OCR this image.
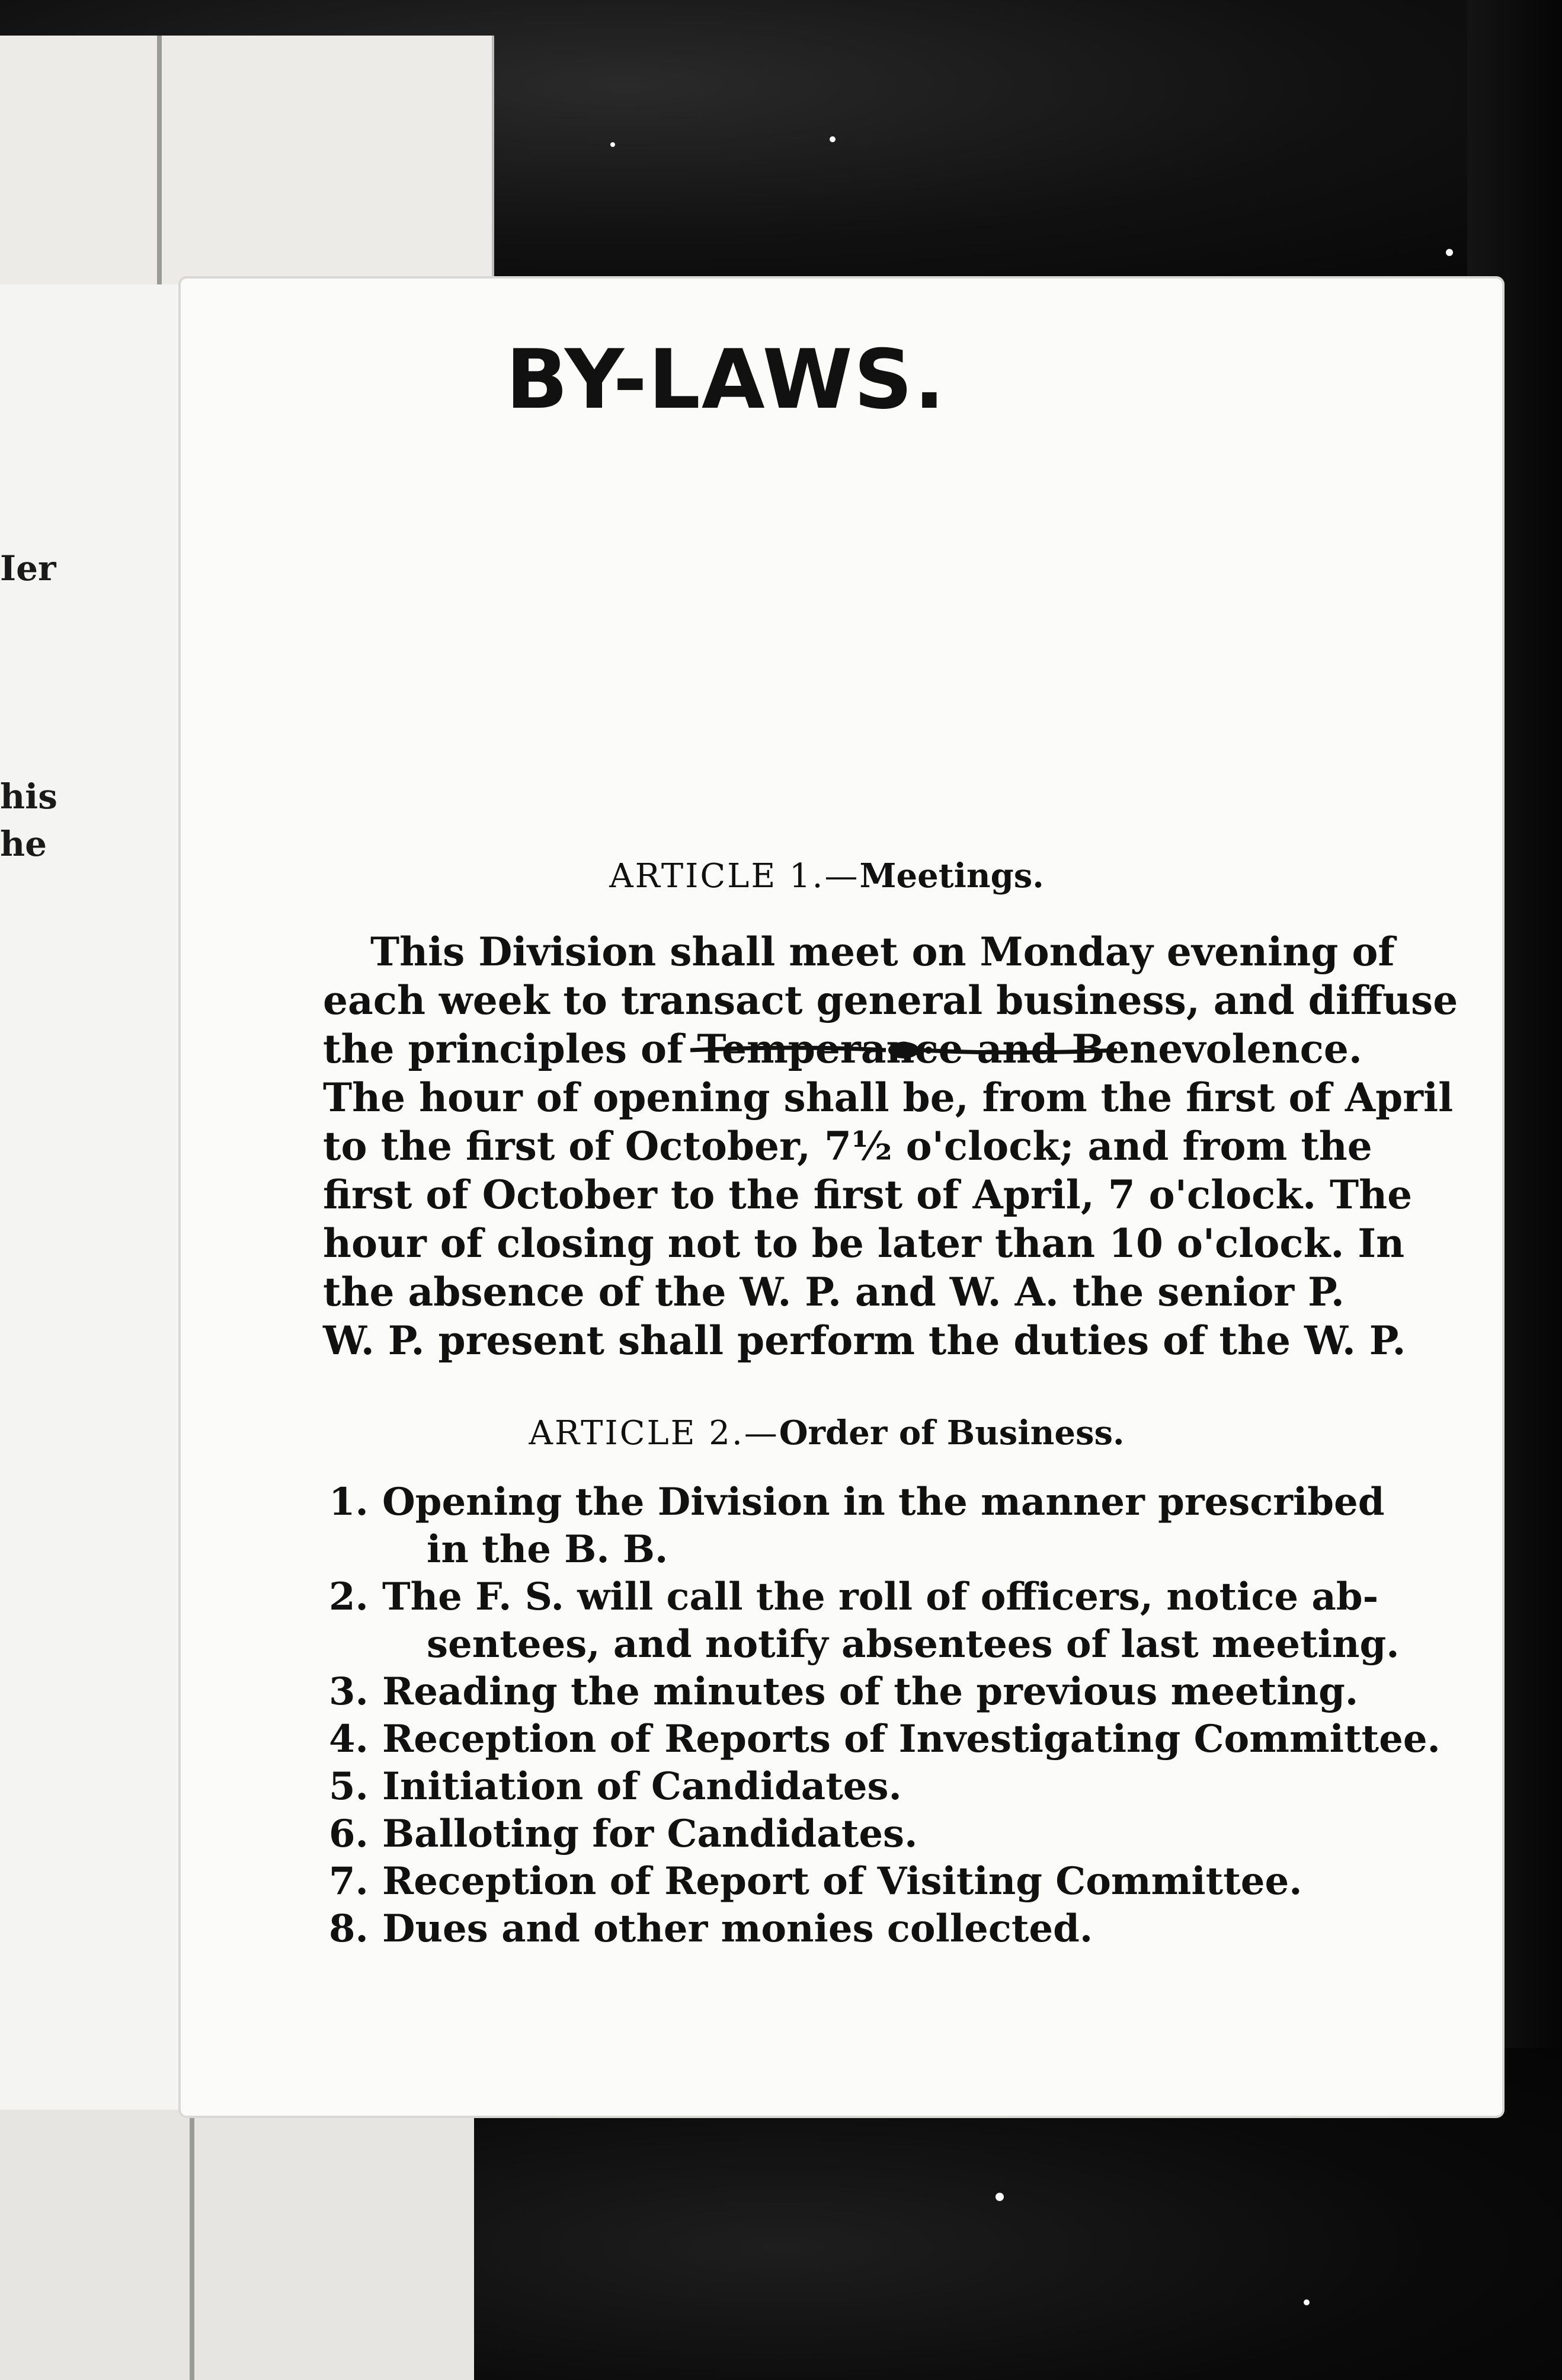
Ier
his
he
BY-LAWS.
ARTICLE 1.—Meetings.
This Division shall meet on Monday evening of
each week to transact general business, and diffuse
the principles of Temperance and Benevolence.
The hour of opening shall be, from the first of April
to the first of October, 7½ o'clock; and from the
first of October to the first of April, 7 o'clock. The
hour of closing not to be later than 10 o'clock. In
the absence of the W. P. and W. A. the senior P.
W. P. present shall perform the duties of the W. P.
ARTICLE 2.—Order of Business.
1. Opening the Division in the manner prescribed
in the B. B.
2. The F. S. will call the roll of officers, notice ab-
sentees, and notify absentees of last meeting.
3. Reading the minutes of the previous meeting.
4. Reception of Reports of Investigating Committee.
5. Initiation of Candidates.
6. Balloting for Candidates.
7. Reception of Report of Visiting Committee.
8. Dues and other monies collected.
